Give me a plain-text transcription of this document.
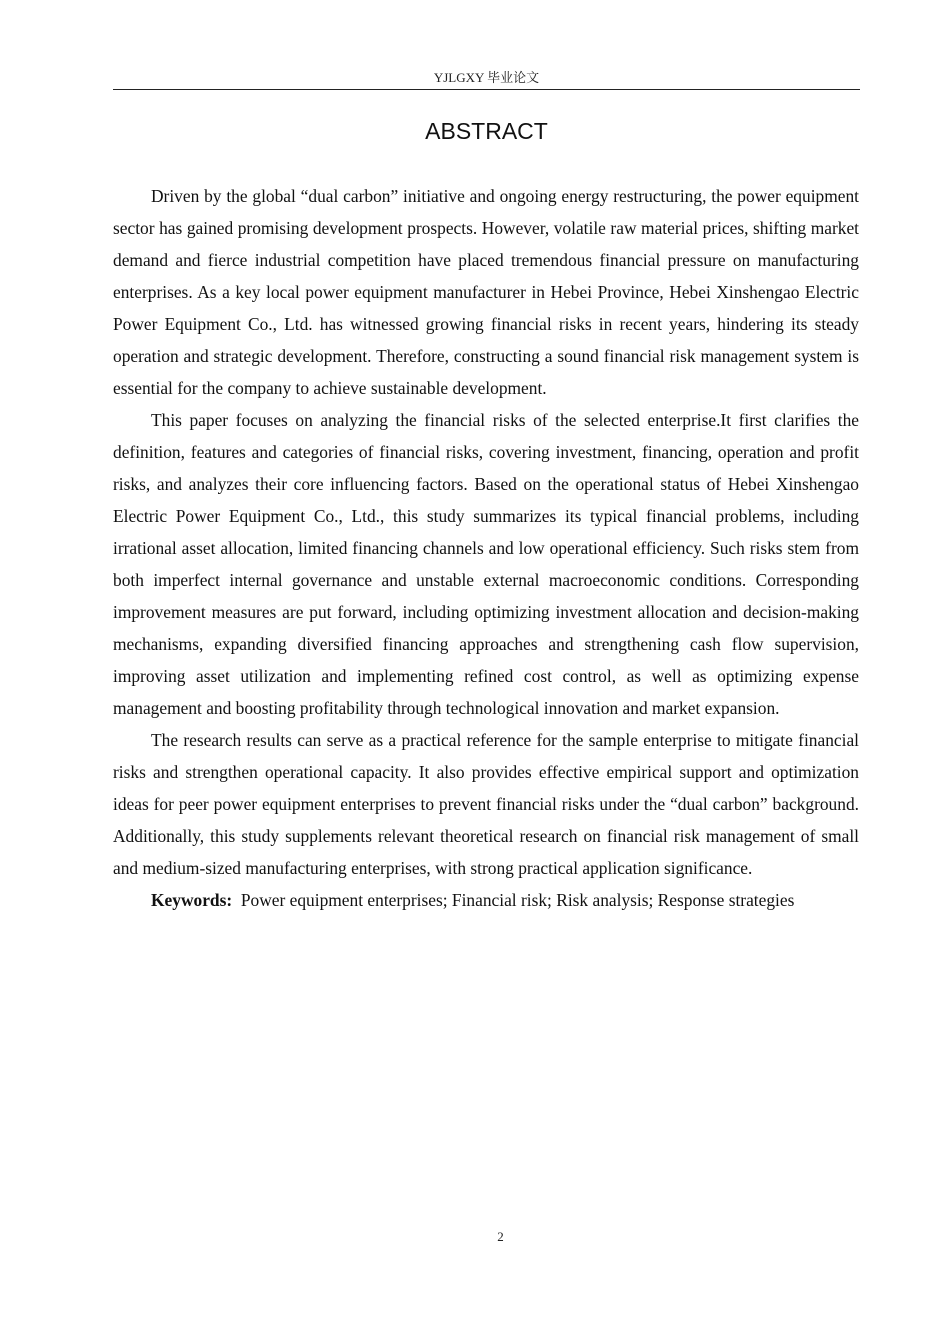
YJLGXY 毕业论文
ABSTRACT

Driven by the global “dual carbon” initiative and ongoing energy restructuring, the power equipment sector has gained promising development prospects. However, volatile raw material prices, shifting market demand and fierce industrial competition have placed tremendous financial pressure on manufacturing enterprises. As a key local power equipment manufacturer in Hebei Province, Hebei Xinshengao Electric Power Equipment Co., Ltd. has witnessed growing financial risks in recent years, hindering its steady operation and strategic development. Therefore, constructing a sound financial risk management system is essential for the company to achieve sustainable development.

This paper focuses on analyzing the financial risks of the selected enterprise.It first clarifies the definition, features and categories of financial risks, covering investment, financing, operation and profit risks, and analyzes their core influencing factors. Based on the operational status of Hebei Xinshengao Electric Power Equipment Co., Ltd., this study summarizes its typical financial problems, including irrational asset allocation, limited financing channels and low operational efficiency. Such risks stem from both imperfect internal governance and unstable external macroeconomic conditions. Corresponding improvement measures are put forward, including optimizing investment allocation and decision-making mechanisms, expanding diversified financing approaches and strengthening cash flow supervision, improving asset utilization and implementing refined cost control, as well as optimizing expense management and boosting profitability through technological innovation and market expansion.

The research results can serve as a practical reference for the sample enterprise to mitigate financial risks and strengthen operational capacity. It also provides effective empirical support and optimization ideas for peer power equipment enterprises to prevent financial risks under the “dual carbon” background. Additionally, this study supplements relevant theoretical research on financial risk management of small and medium-sized manufacturing enterprises, with strong practical application significance.

Keywords: Power equipment enterprises; Financial risk; Risk analysis; Response strategies

2
